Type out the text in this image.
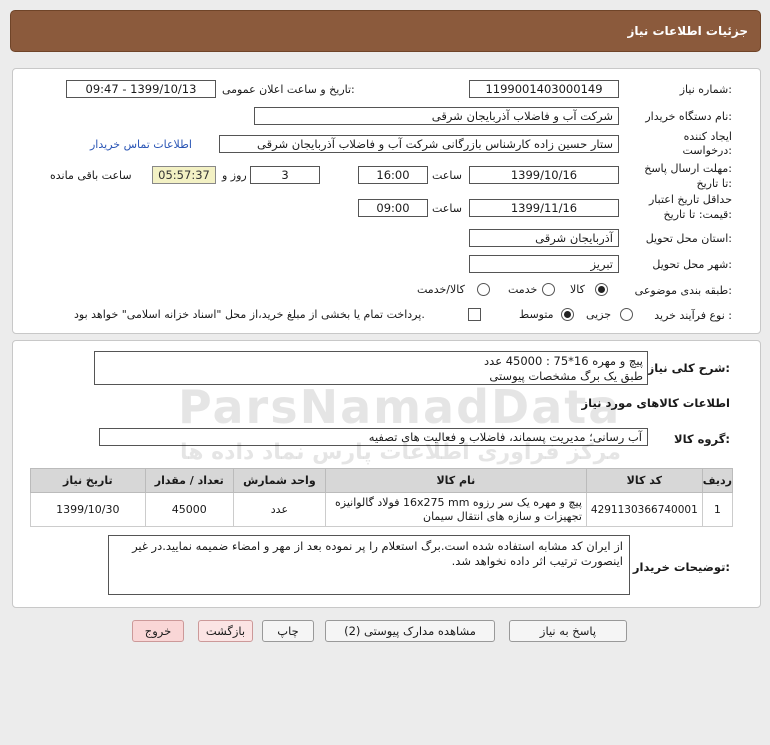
جزئیات اطلاعات نیاز
شماره نیاز:
1199001403000149
تاریخ و ساعت اعلان عمومی:
1399/10/13 - 09:47
نام دستگاه خریدار:
شرکت آب و فاضلاب آذربایجان شرقی
ایجاد کننده
درخواست:
ستار حسین زاده کارشناس بازرگانی شرکت آب و فاضلاب آذربایجان شرقی
اطلاعات تماس خریدار
مهلت ارسال پاسخ:
تا تاریخ:
1399/10/16
ساعت
16:00
3
روز و
05:57:37
ساعت باقی مانده
حداقل تاریخ اعتبار
قیمت: تا تاریخ:
1399/11/16
ساعت
09:00
استان محل تحویل:
آذربایجان شرقی
شهر محل تحویل:
تبریز
طبقه بندی موضوعی:
کالا
خدمت
کالا/خدمت
نوع فرآیند خرید :
جزیی
متوسط
پرداخت تمام یا بخشی از مبلغ خرید،از محل "اسناد خزانه اسلامی" خواهد بود.
شرح کلی نیاز:
پیچ و مهره 16*75 : 45000 عدد
طبق یک برگ مشخصات پیوستی
اطلاعات کالاهای مورد نیاز
گروه کالا:
آب رسانی؛ مدیریت پسماند، فاضلاب و فعالیت های تصفیه
ردیف	کد کالا	نام کالا	واحد شمارش	تعداد / مقدار	تاریخ نیاز
1	4291130366740001	پیچ و مهره یک سر رزوه 16x275 mm فولاد گالوانیزه تجهیزات و سازه های انتقال سیمان	عدد	45000	1399/10/30
توضیحات خریدار:
از ایران کد مشابه استفاده شده است.برگ استعلام را پر نموده بعد از مهر و امضاء ضمیمه نمایید.در غیر اینصورت ترتیب اثر داده نخواهد شد.
پاسخ به نیاز
مشاهده مدارک پیوستی (2)
چاپ
بازگشت
خروج
